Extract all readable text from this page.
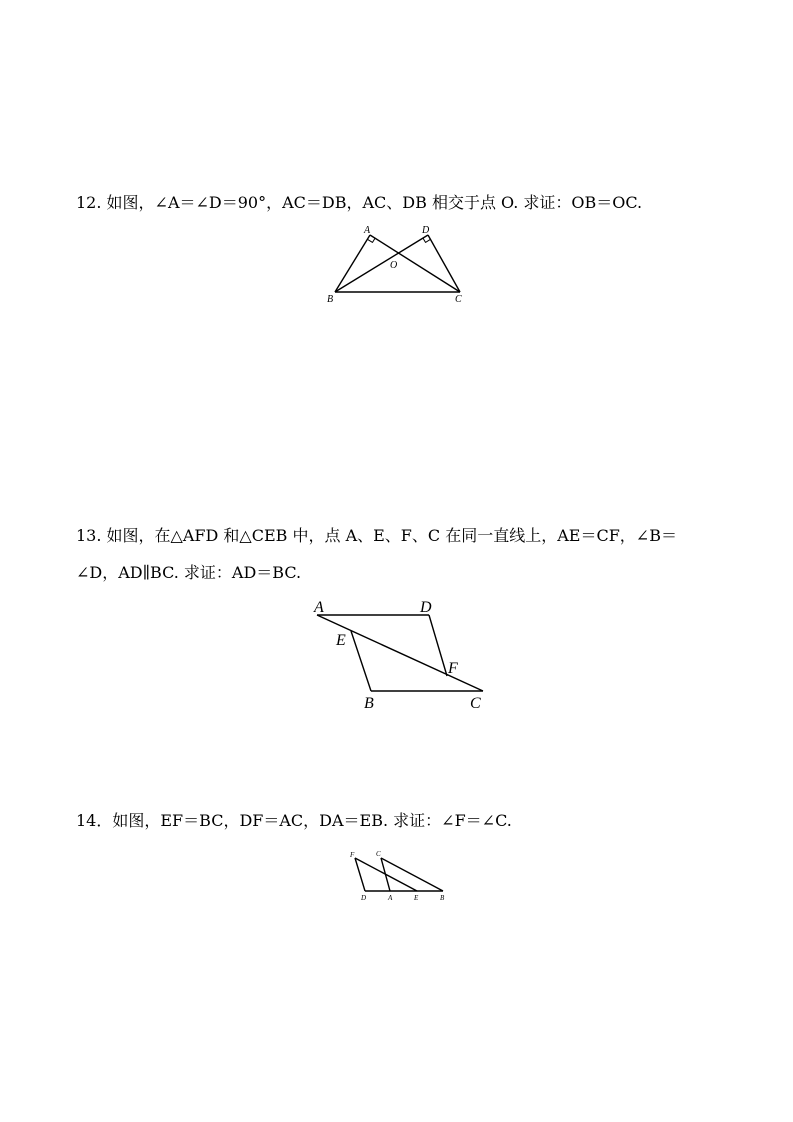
12. 如图，∠A＝∠D＝90°，AC＝DB，AC、DB 相交于点 O. 求证：OB＝OC.
A	D
O
B	C
13. 如图，在△AFD 和△CEB 中，点 A、E、F、C 在同一直线上，AE＝CF，∠B＝
∠D，AD∥BC. 求证：AD＝BC.
A	D
E
F
B	C
14．如图，EF＝BC，DF＝AC，DA＝EB. 求证：∠F＝∠C.
F	C
D	A	E	B
